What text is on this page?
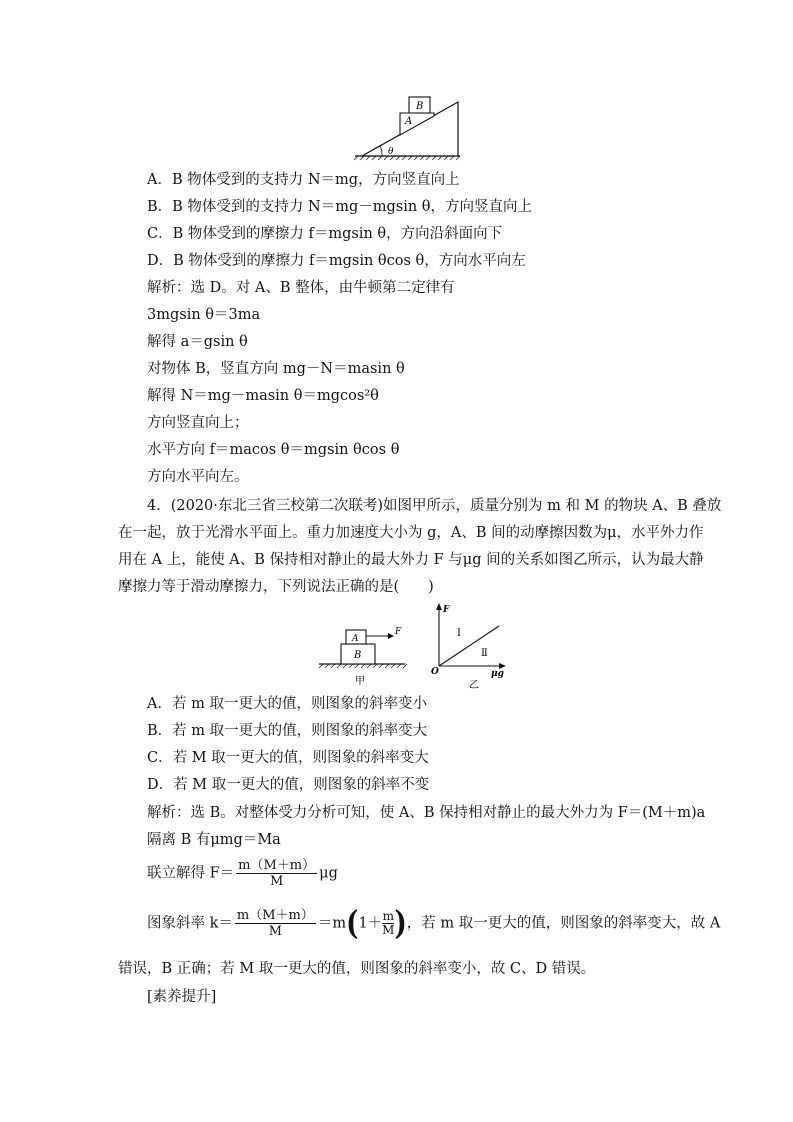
B
A
θ
A．B 物体受到的支持力 N＝mg，方向竖直向上
B．B 物体受到的支持力 N＝mg－mgsin θ，方向竖直向上
C．B 物体受到的摩擦力 f＝mgsin θ，方向沿斜面向下
D．B 物体受到的摩擦力 f＝mgsin θcos θ，方向水平向左
解析：选 D。对 A、B 整体，由牛顿第二定律有
3mgsin θ＝3ma
解得 a＝gsin θ
对物体 B，竖直方向 mg－N＝masin θ
解得 N＝mg－masin θ＝mgcos²θ
方向竖直向上；
水平方向 f＝macos θ＝mgsin θcos θ
方向水平向左。
4．(2020·东北三省三校第二次联考)如图甲所示，质量分别为 m 和 M 的物块 A、B 叠放
在一起，放于光滑水平面上。重力加速度大小为 g，A、B 间的动摩擦因数为μ，水平外力作
用在 A 上，能使 A、B 保持相对静止的最大外力 F 与μg 间的关系如图乙所示，认为最大静
摩擦力等于滑动摩擦力，下列说法正确的是(　　)
B
A
F
甲
F
μg
O
Ⅰ
Ⅱ
乙
A．若 m 取一更大的值，则图象的斜率变小
B．若 m 取一更大的值，则图象的斜率变大
C．若 M 取一更大的值，则图象的斜率变大
D．若 M 取一更大的值，则图象的斜率不变
解析：选 B。对整体受力分析可知，使 A、B 保持相对静止的最大外力为 F＝(M＋m)a
隔离 B 有μmg＝Ma
联立解得 $F= \frac{m(M+m)}{M}$ μg
图象斜率 $k= \frac{m(M+m)}{M} =m(1+ \frac{m}{M}$ )，若 m 取一更大的值，则图象的斜率变大，故 A
错误，B 正确；若 M 取一更大的值，则图象的斜率变小，故 C、D 错误。
[素养提升]
